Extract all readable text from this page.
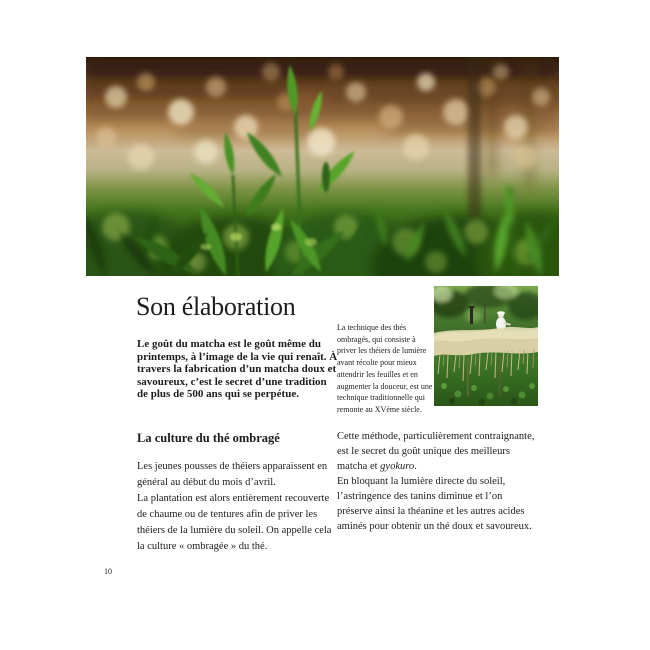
Son élaboration

Le goût du matcha est le goût même du printemps, à l’image de la vie qui renaît. À travers la fabrication d’un matcha doux et savoureux, c’est le secret d’une tradition de plus de 500 ans qui se perpétue.

La technique des thés ombragés, qui consiste à priver les théiers de lumière avant récolte pour mieux attendrir les feuilles et en augmenter la douceur, est une technique traditionnelle qui remonte au XVème siècle.

La culture du thé ombragé

Les jeunes pousses de théiers apparaissent en général au début du mois d’avril.

La plantation est alors entièrement recouverte de chaume ou de tentures afin de priver les théiers de la lumière du soleil. On appelle cela la culture « ombragée » du thé.

Cette méthode, particulièrement contraignante, est le secret du goût unique des meilleurs matcha et gyokuro.

En bloquant la lumière directe du soleil, l’astringence des tanins diminue et l’on préserve ainsi la théanine et les autres acides aminés pour obtenir un thé doux et savoureux.

10
